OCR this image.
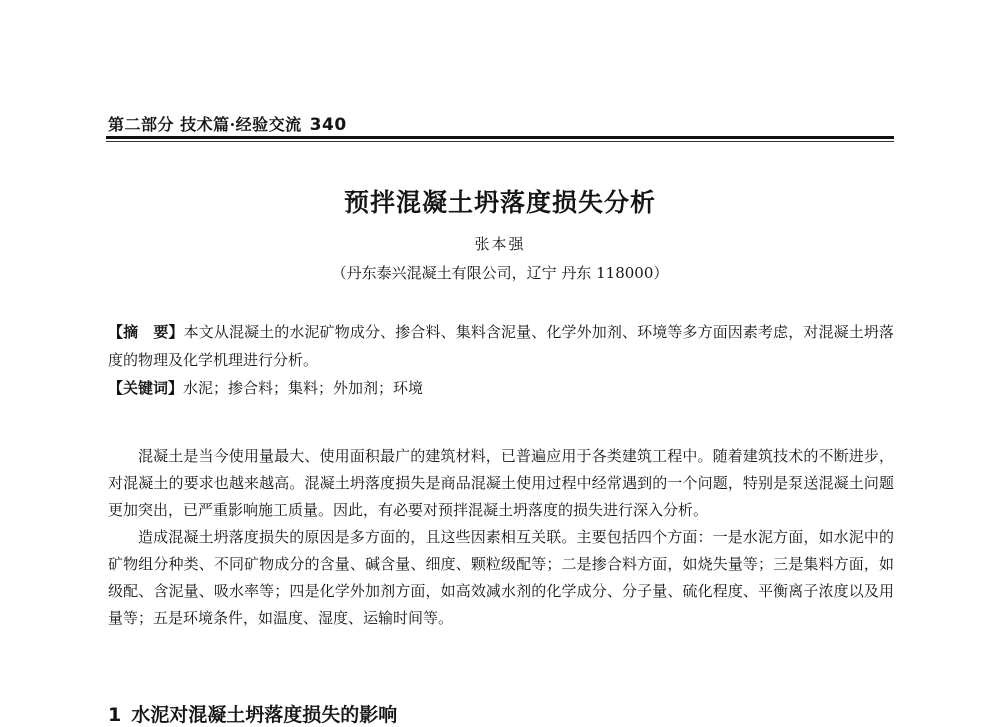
第二部分 技术篇·经验交流 340
预拌混凝土坍落度损失分析
张本强
（丹东泰兴混凝土有限公司，辽宁 丹东 118000）

【摘　要】本文从混凝土的水泥矿物成分、掺合料、集料含泥量、化学外加剂、环境等多方面因素考虑，对混凝土坍落度的物理及化学机理进行分析。

【关键词】水泥；掺合料；集料；外加剂；环境

混凝土是当今使用量最大、使用面积最广的建筑材料，已普遍应用于各类建筑工程中。随着建筑技术的不断进步，对混凝土的要求也越来越高。混凝土坍落度损失是商品混凝土使用过程中经常遇到的一个问题，特别是泵送混凝土问题更加突出，已严重影响施工质量。因此，有必要对预拌混凝土坍落度的损失进行深入分析。

造成混凝土坍落度损失的原因是多方面的，且这些因素相互关联。主要包括四个方面：一是水泥方面，如水泥中的矿物组分种类、不同矿物成分的含量、碱含量、细度、颗粒级配等；二是掺合料方面，如烧失量等；三是集料方面，如级配、含泥量、吸水率等；四是化学外加剂方面，如高效减水剂的化学成分、分子量、硫化程度、平衡离子浓度以及用量等；五是环境条件，如温度、湿度、运输时间等。

1 水泥对混凝土坍落度损失的影响
